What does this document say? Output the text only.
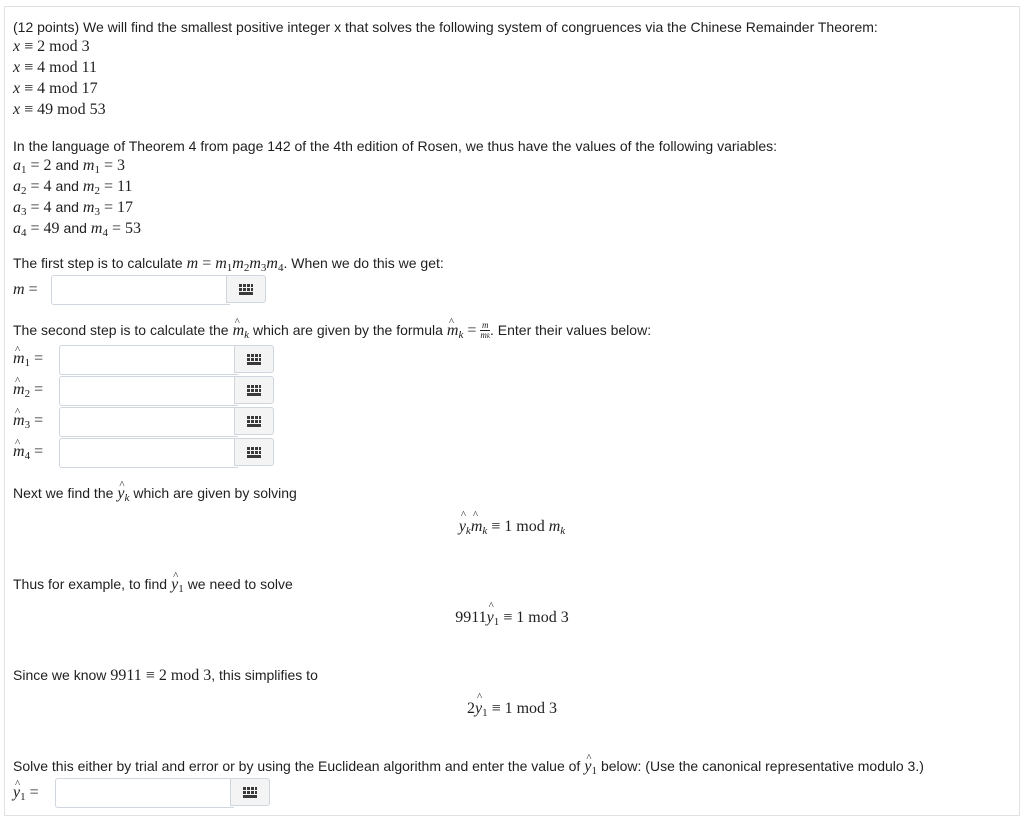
(12 points) We will find the smallest positive integer x that solves the following system of congruences via the Chinese Remainder Theorem:
x ≡ 2 mod 3
x ≡ 4 mod 11
x ≡ 4 mod 17
x ≡ 49 mod 53
In the language of Theorem 4 from page 142 of the 4th edition of Rosen, we thus have the values of the following variables:
$a_1 = 2$ and $m_1 = 3$
$a_2 = 4$ and $m_2 = 11$
$a_3 = 4$ and $m_3 = 17$
$a_4 = 49$ and $m_4 = 53$
The first step is to calculate $m = m_1m_2m_3m_4$. When we do this we get:
m =
The second step is to calculate the ^ mk which are given by the formula ^ mk = $\frac{m}{mk}$ . Enter their values below:
^ $m_1$ =
^ $m_2$ =
^ $m_3$ =
^ $m_4$ =
Next we find the ^ yk which are given by solving
^ yk^ mk ≡ 1 mod mk
Thus for example, to find ^ $y_1$ we need to solve
9911^ $y_1 \equiv 1$ mod 3
Since we know 9911 ≡ 2 mod 3, this simplifies to
2^ $y_1 \equiv 1$ mod 3
Solve this either by trial and error or by using the Euclidean algorithm and enter the value of ^ $y_1$ below: (Use the canonical representative modulo 3.)
^ $y_1$ =
